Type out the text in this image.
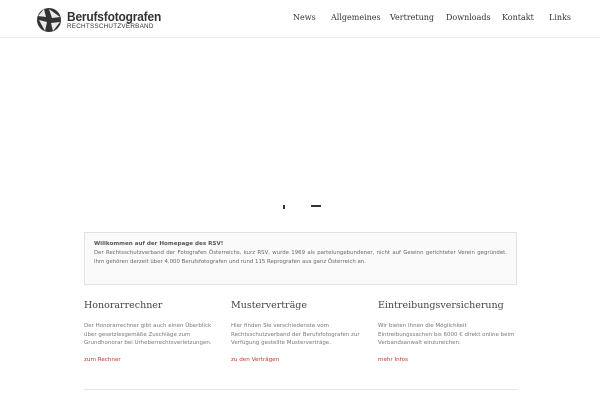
Berufsfotografen
RECHTSSCHUTZVERBAND
News Allgemeines Vertretung Downloads Kontakt Links
Willkommen auf der Homepage des RSV!
Der Rechtsschutzverband der Fotografen Österreichs, kurz RSV, wurde 1969 als parteiungebundener, nicht auf Gewinn gerichteter Verein gegründet. Ihm gehören derzeit über 4.000 Berufsfotografen und rund 115 Reprografen aus ganz Österreich an.
Honorarrechner
Der Honorarrechner gibt auch einen Überblick über gesetzlesgemäße Zuschläge zum Grundhonorar bei Urheberrechtsverletzungen.
zum Rechner
Musterverträge
Hier finden Sie verschiedenste vom Rechtsschutzverband der Berufsfotografen zur Verfügung gestellte Musterverträge.
zu den Verträgen
Eintreibungsversicherung
Wir bieten Ihnen die Möglichkeit Eintreibungssachen bis 6000 € direkt online beim Verbandsanwalt einzureichen.
mehr Infos
